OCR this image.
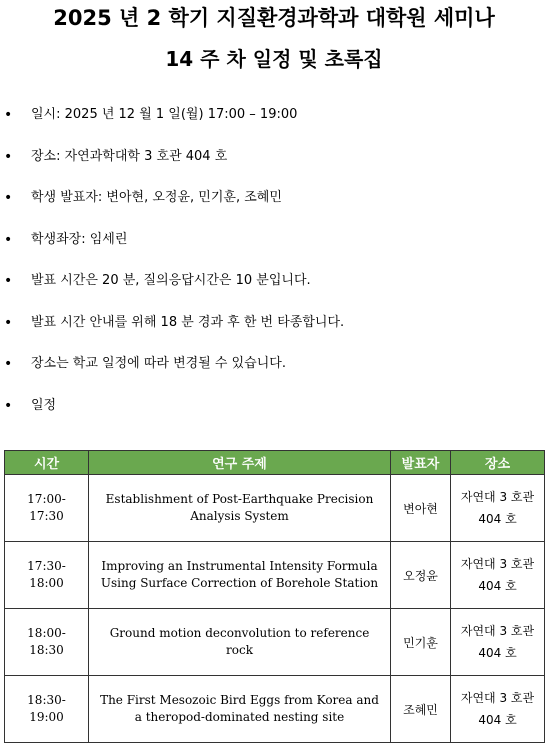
2025 년 2 학기 지질환경과학과 대학원 세미나
14 주 차 일정 및 초록집
• 일시: 2025 년 12 월 1 일(월) 17:00 – 19:00
• 장소: 자연과학대학 3 호관 404 호
• 학생 발표자: 변아현, 오정윤, 민기훈, 조혜민
• 학생좌장: 임세린
• 발표 시간은 20 분, 질의응답시간은 10 분입니다.
• 발표 시간 안내를 위해 18 분 경과 후 한 번 타종합니다.
• 장소는 학교 일정에 따라 변경될 수 있습니다.
• 일정
시간	연구 주제	발표자	장소
17:00-17:30	Establishment of Post-Earthquake Precision Analysis System	변아현	자연대 3 호관
404 호
17:30-18:00	Improving an Instrumental Intensity Formula Using Surface Correction of Borehole Station	오정윤	자연대 3 호관
404 호
18:00-18:30	Ground motion deconvolution to reference rock	민기훈	자연대 3 호관
404 호
18:30-19:00	The First Mesozoic Bird Eggs from Korea and a theropod-dominated nesting site	조혜민	자연대 3 호관
404 호
